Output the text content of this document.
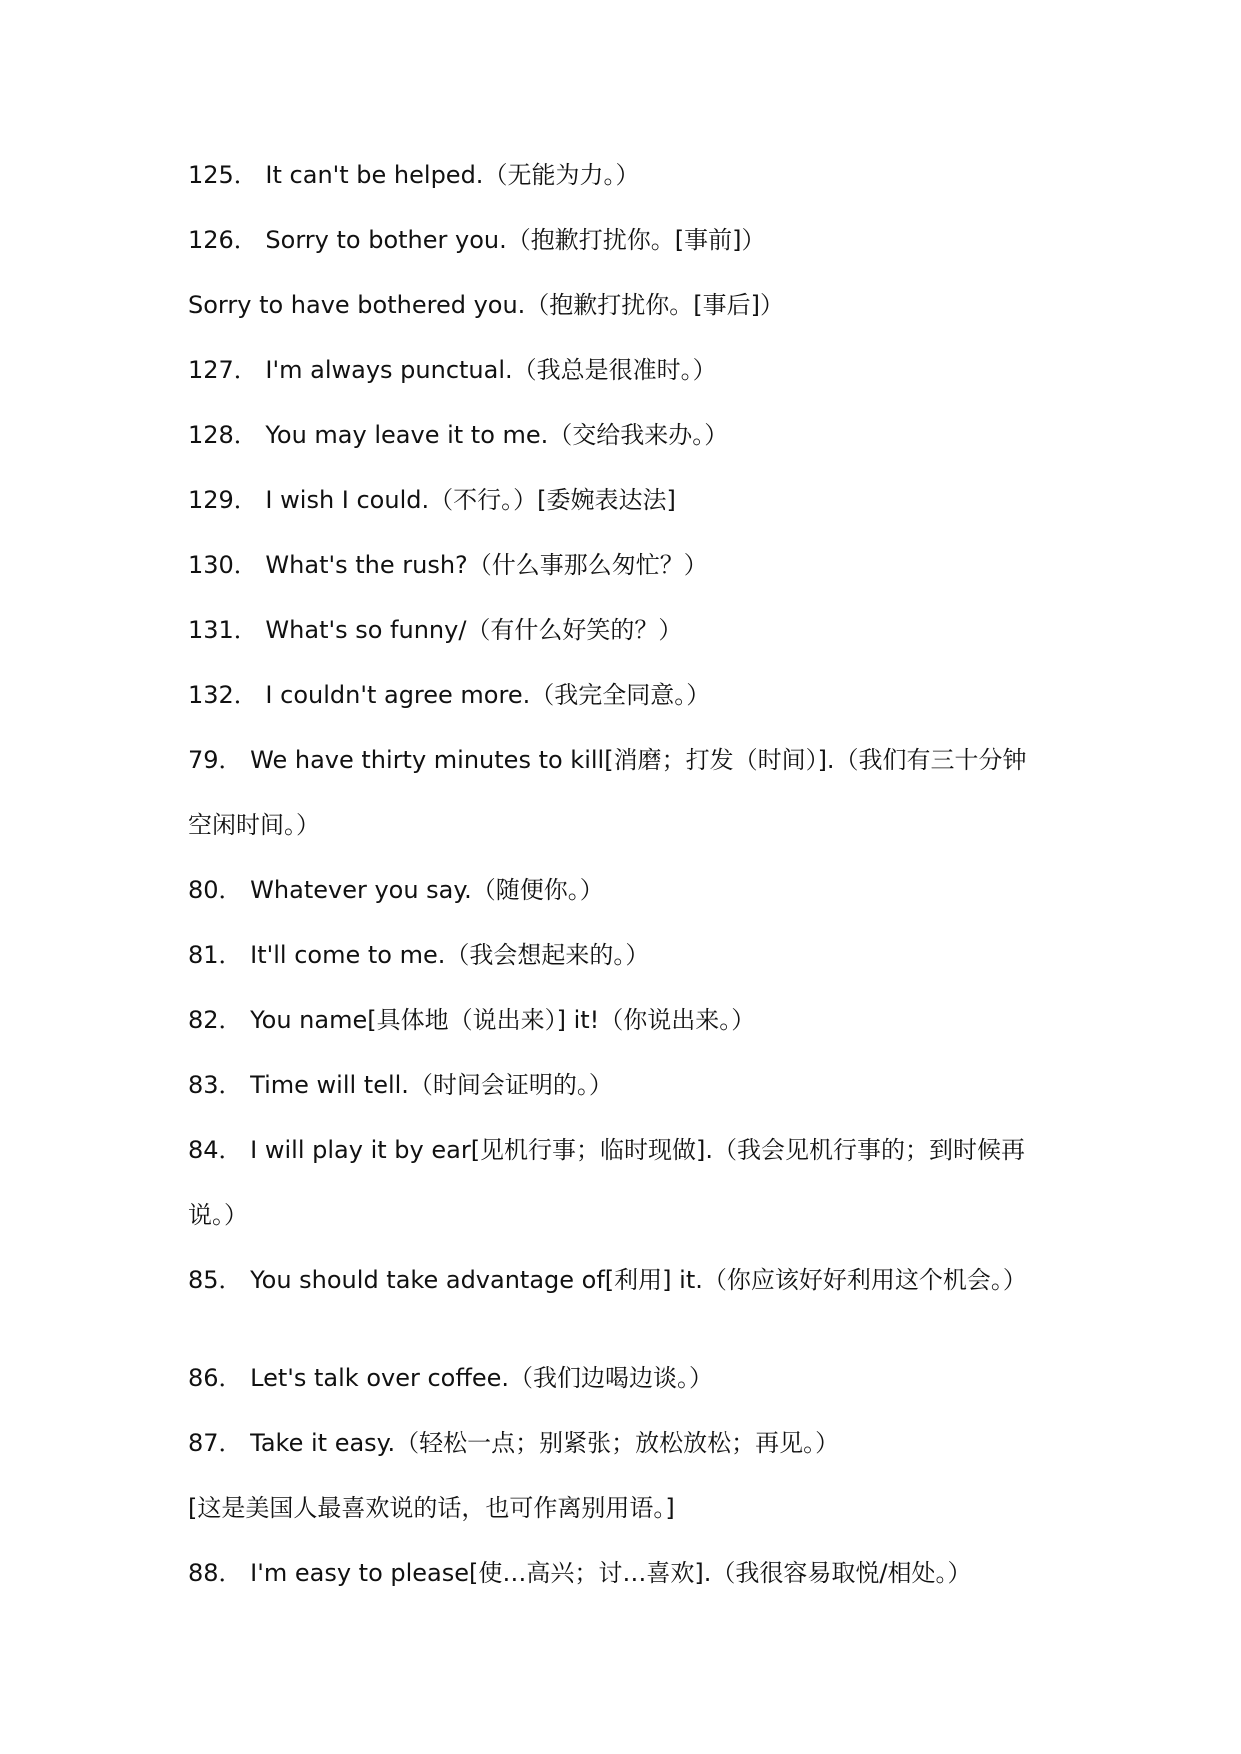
125． It can't be helped.（无能为力。）
126． Sorry to bother you.（抱歉打扰你。[事前]）
Sorry to have bothered you.（抱歉打扰你。[事后]）
127． I'm always punctual.（我总是很准时。）
128． You may leave it to me.（交给我来办。）
129． I wish I could.（不行。）[委婉表达法]
130． What's the rush?（什么事那么匆忙？）
131． What's so funny/（有什么好笑的？）
132． I couldn't agree more.（我完全同意。）
79． We have thirty minutes to kill[消磨；打发（时间）].（我们有三十分钟
空闲时间。）
80． Whatever you say.（随便你。）
81． It'll come to me.（我会想起来的。）
82． You name[具体地（说出来）] it!（你说出来。）
83． Time will tell.（时间会证明的。）
84． I will play it by ear[见机行事；临时现做].（我会见机行事的；到时候再
说。）
85． You should take advantage of[利用] it.（你应该好好利用这个机会。）
86． Let's talk over coffee.（我们边喝边谈。）
87． Take it easy.（轻松一点；别紧张；放松放松；再见。）
[这是美国人最喜欢说的话，也可作离别用语。]
88． I'm easy to please[使…高兴；讨…喜欢].（我很容易取悦/相处。）
